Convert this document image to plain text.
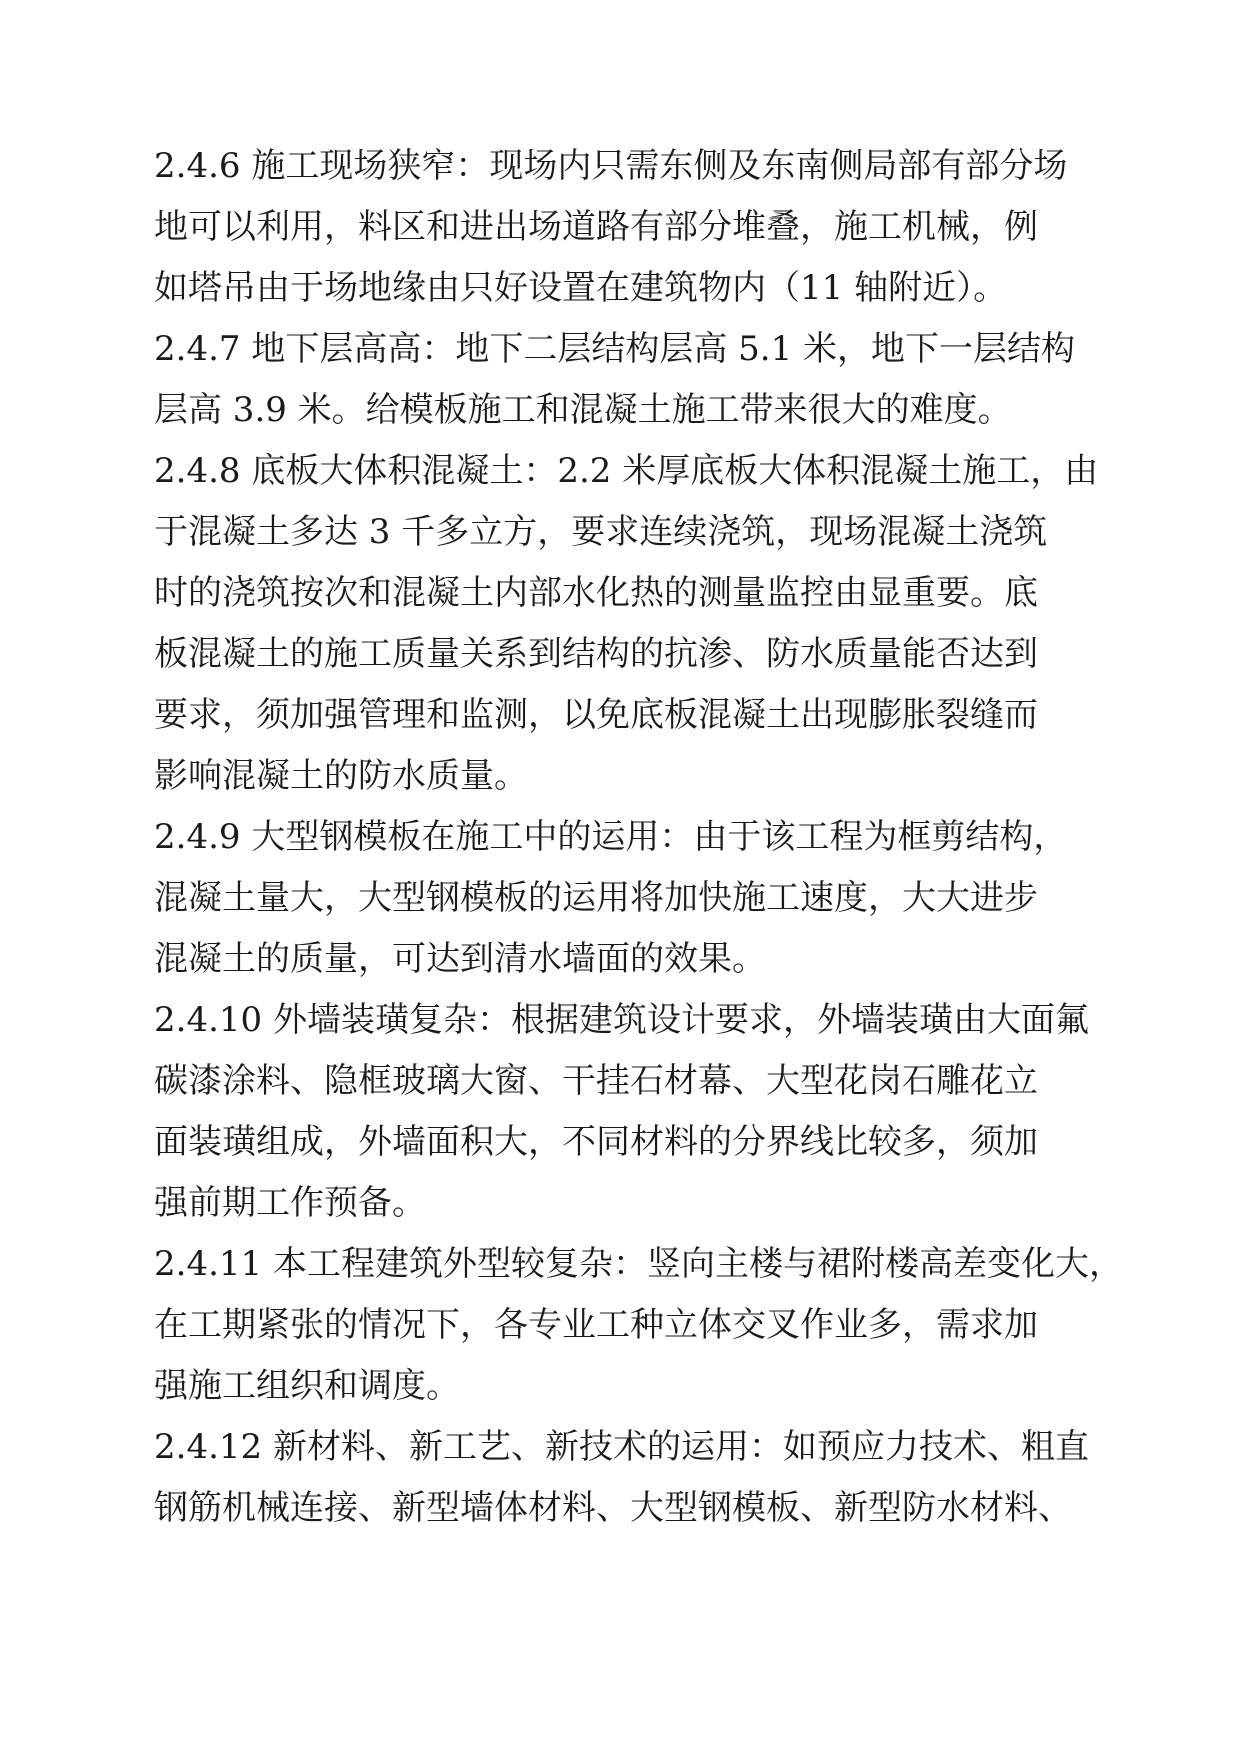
2.4.6 施工现场狭窄：现场内只需东侧及东南侧局部有部分场
地可以利用，料区和进出场道路有部分堆叠，施工机械，例
如塔吊由于场地缘由只好设置在建筑物内（11 轴附近）。
2.4.7 地下层高高：地下二层结构层高 5.1 米，地下一层结构
层高 3.9 米。给模板施工和混凝土施工带来很大的难度。
2.4.8 底板大体积混凝土：2.2 米厚底板大体积混凝土施工，由
于混凝土多达 3 千多立方，要求连续浇筑，现场混凝土浇筑
时的浇筑按次和混凝土内部水化热的测量监控由显重要。底
板混凝土的施工质量关系到结构的抗渗、防水质量能否达到
要求，须加强管理和监测，以免底板混凝土出现膨胀裂缝而
影响混凝土的防水质量。
2.4.9 大型钢模板在施工中的运用：由于该工程为框剪结构，
混凝土量大，大型钢模板的运用将加快施工速度，大大进步
混凝土的质量，可达到清水墙面的效果。
2.4.10 外墙装璜复杂：根据建筑设计要求，外墙装璜由大面氟
碳漆涂料、隐框玻璃大窗、干挂石材幕、大型花岗石雕花立
面装璜组成，外墙面积大，不同材料的分界线比较多，须加
强前期工作预备。
2.4.11 本工程建筑外型较复杂：竖向主楼与裙附楼高差变化大，
在工期紧张的情况下，各专业工种立体交叉作业多，需求加
强施工组织和调度。
2.4.12 新材料、新工艺、新技术的运用：如预应力技术、粗直
钢筋机械连接、新型墙体材料、大型钢模板、新型防水材料、
